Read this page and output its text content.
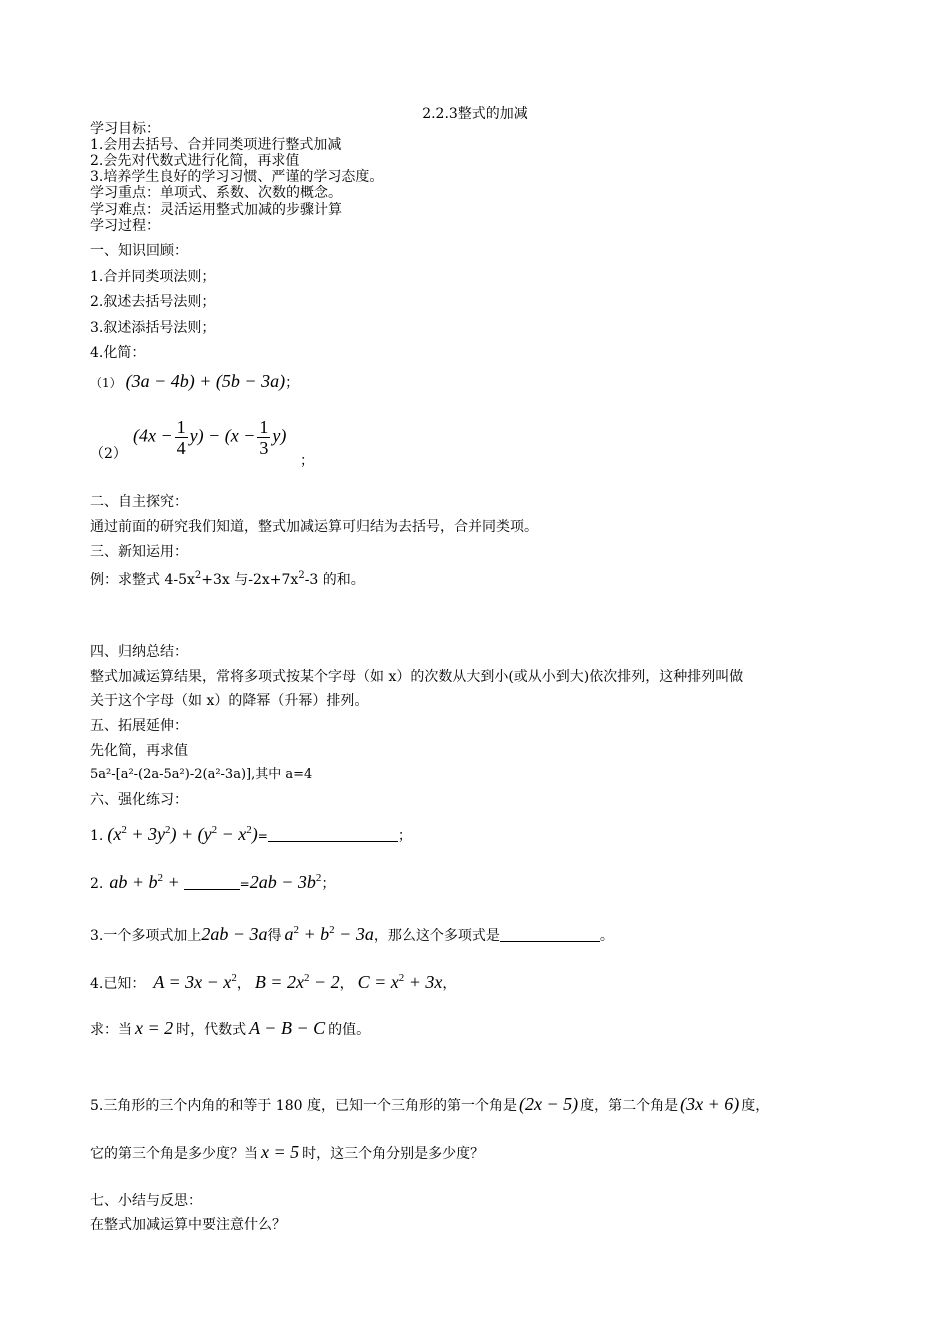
2.2.3整式的加减
学习目标：
1.会用去括号、合并同类项进行整式加减
2.会先对代数式进行化简，再求值
3.培养学生良好的学习习惯、严谨的学习态度。
学习重点：单项式、系数、次数的概念。
学习难点：灵活运用整式加减的步骤计算
学习过程：
一、知识回顾：
1.合并同类项法则；
2.叙述去括号法则；
3.叙述添括号法则；
4.化简：
（1） (3a − 4b) + (5b − 3a)；
（2）
$(4x - \frac{1}{4} y) - (x - \frac{1}{3} y)$
；
二、自主探究：
通过前面的研究我们知道，整式加减运算可归结为去括号，合并同类项。
三、新知运用：
例：求整式 $4-5x^2+3x$ 与$-2x+7x^2-3$ 的和。
四、归纳总结：
整式加减运算结果，常将多项式按某个字母（如 x）的次数从大到小(或从小到大)依次排列，这种排列叫做
关于这个字母（如 x）的降幂（升幂）排列。
五、拓展延伸：
先化简，再求值
5a²-[a²-(2a-5a²)-2(a²-3a)],其中 a=4
六、强化练习：
1. $(x^2 + 3y^2) + (y^2 - x^2)=$	；
2. ab + $b^2$ +	$=2ab - 3b^2$；
3.一个多项式加上2ab − 3a得 $a^2 + b^2 - 3a$，那么这个多项式是	。
4.已知： $A = 3x - x^2$， $B = 2x^2 - 2$， $C = x^2 + 3x$，
求：当 x = 2 时，代数式 A − B − C 的值。
5.三角形的三个内角的和等于 180 度，已知一个三角形的第一个角是 (2x − 5) 度，第二个角是 (3x + 6) 度，
它的第三个角是多少度？当 x = 5 时，这三个角分别是多少度？
七、小结与反思：
在整式加减运算中要注意什么？
